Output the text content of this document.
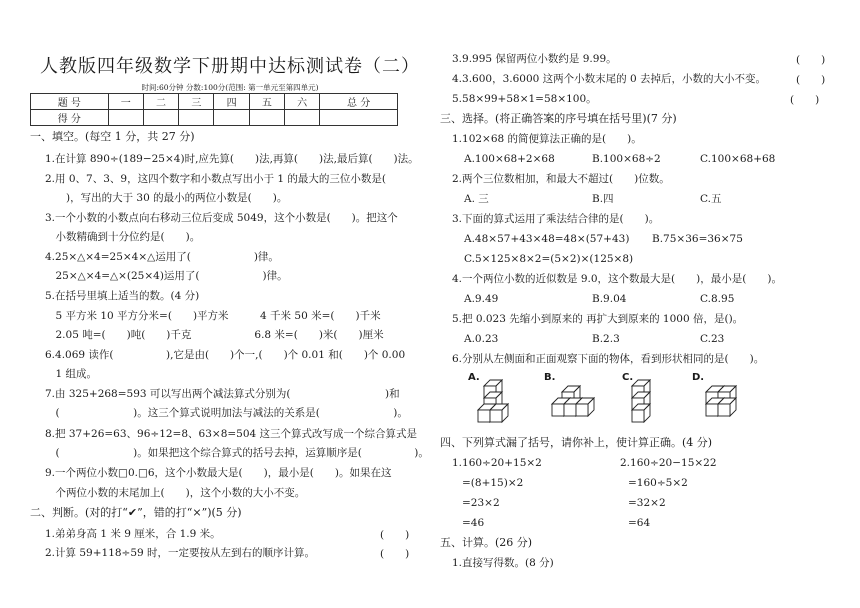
人教版四年级数学下册期中达标测试卷（二）
时间:60分钟 分数:100分(范围: 第一单元至第四单元)
题 号	一	二	三	四	五	六	总 分
得 分							
一、填空。(每空 1 分，共 27 分)
1.在计算 890÷(189−25×4)时,应先算(　　)法,再算(　　)法,最后算(　　)法。
2.用 0、7、3、9，这四个数字和小数点写出小于 1 的最大的三位小数是(
　　)，写出的大于 30 的最小的两位小数是(　　)。
3.一个小数的小数点向右移动三位后变成 5049，这个小数是(　　)。把这个
　小数精确到十分位约是(　　)。
4.25×△×4=25×4×△运用了(　　　　　　)律。
　25×△×4=△×(25×4)运用了(　　　　　　)律。
5.在括号里填上适当的数。(4 分)
　5 平方米 10 平方分米=(　　)平方米　　　4 千米 50 米=(　　)千米
　2.05 吨=(　　)吨(　　)千克　　　　　　6.8 米=(　　)米(　　)厘米
6.4.069 读作(　　　　　),它是由(　　)个一,(　　)个 0.01 和(　　)个 0.00
　1 组成。
7.由 325+268=593 可以写出两个减法算式分别为(　　　　　　　　　)和
　(　　　　　　　)。这三个算式说明加法与减法的关系是(　　　　　　　)。
8.把 37+26=63、96÷12=8、63×8=504 这三个算式改写成一个综合算式是
　(　　　　　　　)。如果把这个综合算式的括号去掉，运算顺序是(　　　　　)。
9.一个两位小数□0.□6，这个小数最大是(　　)，最小是(　　)。如果在这
　个两位小数的末尾加上(　　)，这个小数的大小不变。
二、判断。(对的打“✔”，错的打“×”)(5 分)
1.弟弟身高 1 米 9 厘米，合 1.9 米。	(　　)
2.计算 59+118÷59 时，一定要按从左到右的顺序计算。	(　　)
3.9.995 保留两位小数约是 9.99。	(　　)
4.3.600，3.6000 这两个小数末尾的 0 去掉后，小数的大小不变。	(　　)
5.58×99+58×1=58×100。	(　　)
三、选择。(将正确答案的序号填在括号里)(7 分)
1.102×68 的简便算法正确的是(　　)。
A.100×68+2×68	B.100×68÷2	C.100×68+68
2.两个三位数相加，和最大不超过(　　)位数。
A. 三	B.四	C.五
3.下面的算式运用了乘法结合律的是(　　)。
A.48×57+43×48=48×(57+43) B.75×36=36×75
C.5×125×8×2=(5×2)×(125×8)
4.一个两位小数的近似数是 9.0，这个数最大是(　　)，最小是(　　)。
A.9.49	B.9.04	C.8.95
5.把 0.023 先缩小到原来的 再扩大到原来的 1000 倍，是()。
A.0.23	B.2.3	C.23
6.分别从左侧面和正面观察下面的物体，看到形状相同的是(　　)。
A.	B.	C.	D.
四、下列算式漏了括号，请你补上，使计算正确。(4 分)
1.160÷20+15×2	2.160÷20−15×22
=(8+15)×2	=160÷5×2
=23×2	=32×2
=46	=64
五、计算。(26 分)
1.直接写得数。(8 分)
